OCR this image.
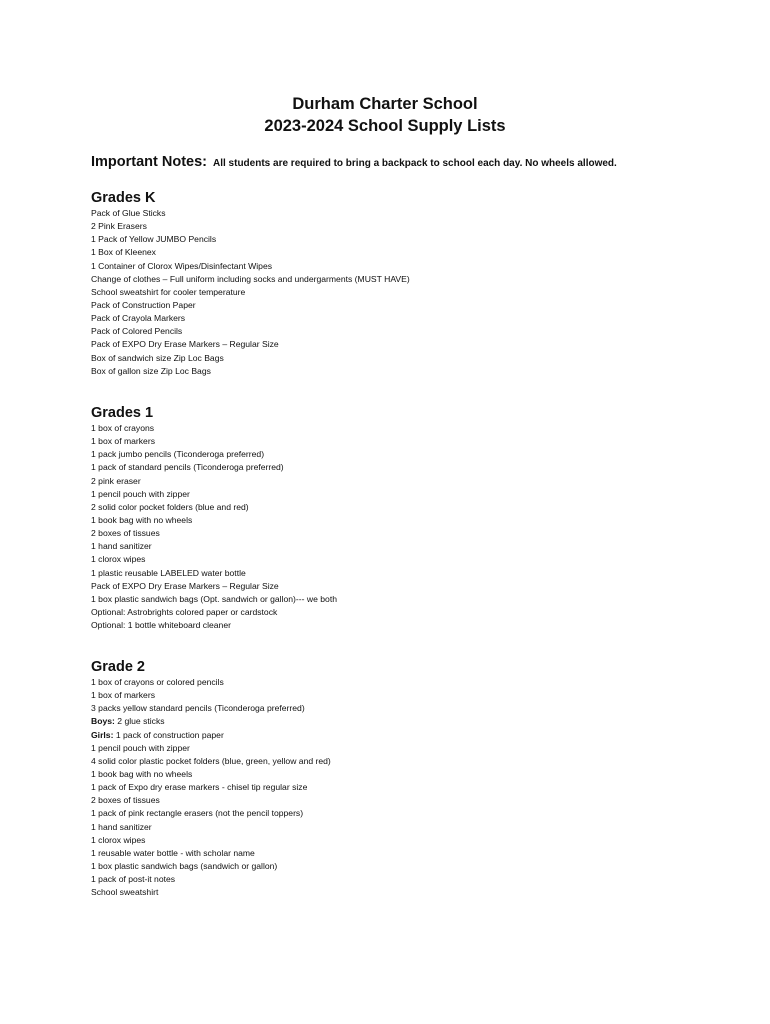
Durham Charter School
2023-2024 School Supply Lists
Important Notes: All students are required to bring a backpack to school each day. No wheels allowed.
Grades K
Pack of Glue Sticks
2 Pink Erasers
1 Pack of Yellow JUMBO Pencils
1 Box of Kleenex
1 Container of Clorox Wipes/Disinfectant Wipes
Change of clothes – Full uniform including socks and undergarments (MUST HAVE)
School sweatshirt for cooler temperature
Pack of Construction Paper
Pack of Crayola Markers
Pack of Colored Pencils
Pack of EXPO Dry Erase Markers – Regular Size
Box of sandwich size Zip Loc Bags
Box of gallon size Zip Loc Bags
Grades 1
1 box of crayons
1 box of markers
1 pack jumbo pencils (Ticonderoga preferred)
1 pack of standard pencils (Ticonderoga preferred)
2 pink eraser
1 pencil pouch with zipper
2 solid color pocket folders (blue and red)
1 book bag with no wheels
2 boxes of tissues
1 hand sanitizer
1 clorox wipes
1 plastic reusable LABELED water bottle
Pack of EXPO Dry Erase Markers – Regular Size
1 box plastic sandwich bags (Opt. sandwich or gallon)--- we both
Optional: Astrobrights colored paper or cardstock
Optional: 1 bottle whiteboard cleaner
Grade 2
1 box of crayons or colored pencils
1 box of markers
3 packs yellow standard pencils (Ticonderoga preferred)
Boys: 2 glue sticks
Girls: 1 pack of construction paper
1 pencil pouch with zipper
4 solid color plastic pocket folders (blue, green, yellow and red)
1 book bag with no wheels
1 pack of Expo dry erase markers - chisel tip regular size
2 boxes of tissues
1 pack of pink rectangle erasers (not the pencil toppers)
1 hand sanitizer
1 clorox wipes
1 reusable water bottle - with scholar name
1 box plastic sandwich bags (sandwich or gallon)
1 pack of post-it notes
School sweatshirt
